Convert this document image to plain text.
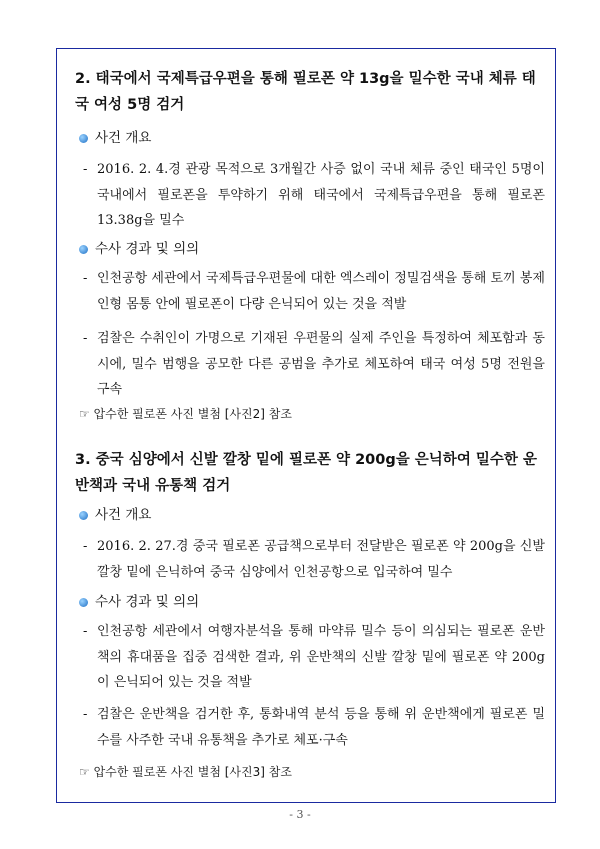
2. 태국에서 국제특급우편을 통해 필로폰 약 13g을 밀수한 국내 체류 태국 여성 5명 검거

사건 개요

- 2016. 2. 4.경 관광 목적으로 3개월간 사증 없이 국내 체류 중인 태국인 5명이 국내에서 필로폰을 투약하기 위해 태국에서 국제특급우편을 통해 필로폰 13.38g을 밀수

수사 경과 및 의의

- 인천공항 세관에서 국제특급우편물에 대한 엑스레이 정밀검색을 통해 토끼 봉제인형 몸통 안에 필로폰이 다량 은닉되어 있는 것을 적발

- 검찰은 수취인이 가명으로 기재된 우편물의 실제 주인을 특정하여 체포함과 동시에, 밀수 범행을 공모한 다른 공범을 추가로 체포하여 태국 여성 5명 전원을 구속

☞ 압수한 필로폰 사진 별첨 [사진2] 참조

3. 중국 심양에서 신발 깔창 밑에 필로폰 약 200g을 은닉하여 밀수한 운반책과 국내 유통책 검거

사건 개요

- 2016. 2. 27.경 중국 필로폰 공급책으로부터 전달받은 필로폰 약 200g을 신발 깔창 밑에 은닉하여 중국 심양에서 인천공항으로 입국하여 밀수

수사 경과 및 의의

- 인천공항 세관에서 여행자분석을 통해 마약류 밀수 등이 의심되는 필로폰 운반책의 휴대품을 집중 검색한 결과, 위 운반책의 신발 깔창 밑에 필로폰 약 200g이 은닉되어 있는 것을 적발

- 검찰은 운반책을 검거한 후, 통화내역 분석 등을 통해 위 운반책에게 필로폰 밀수를 사주한 국내 유통책을 추가로 체포·구속

☞ 압수한 필로폰 사진 별첨 [사진3] 참조
- 3 -
